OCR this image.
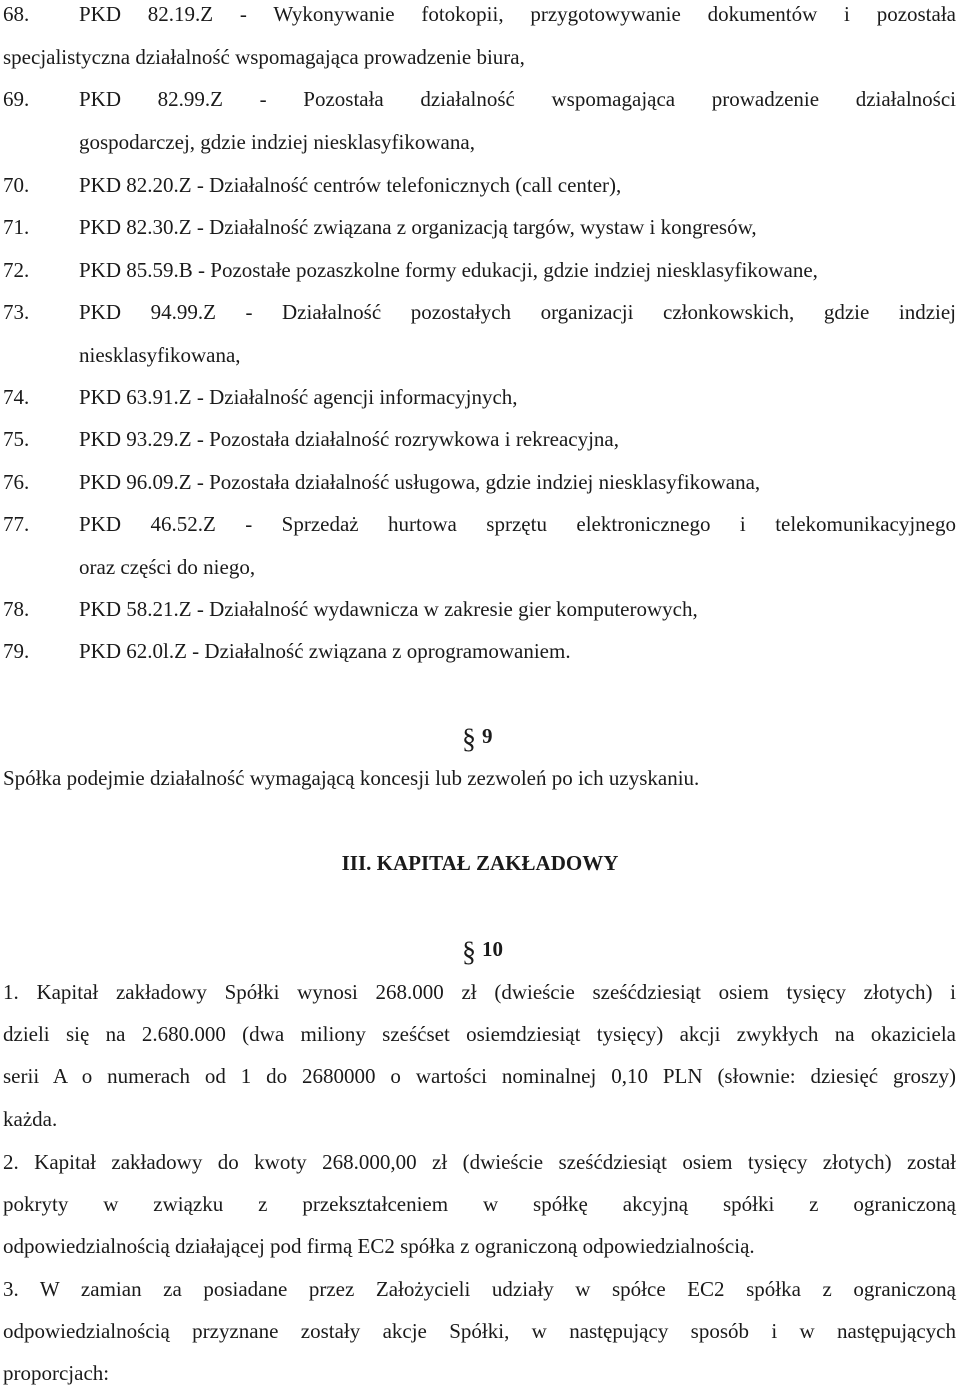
68.	PKD 82.19.Z - Wykonywanie fotokopii, przygotowywanie dokumentów i pozostała
specjalistyczna działalność wspomagająca prowadzenie biura,
69.	PKD 82.99.Z - Pozostała działalność wspomagająca prowadzenie działalności
gospodarczej, gdzie indziej niesklasyfikowana,
70.	PKD 82.20.Z - Działalność centrów telefonicznych (call center),
71.	PKD 82.30.Z - Działalność związana z organizacją targów, wystaw i kongresów,
72.	PKD 85.59.B - Pozostałe pozaszkolne formy edukacji, gdzie indziej niesklasyfikowane,
73.	PKD 94.99.Z - Działalność pozostałych organizacji członkowskich, gdzie indziej
niesklasyfikowana,
74.	PKD 63.91.Z - Działalność agencji informacyjnych,
75.	PKD 93.29.Z - Pozostała działalność rozrywkowa i rekreacyjna,
76.	PKD 96.09.Z - Pozostała działalność usługowa, gdzie indziej niesklasyfikowana,
77.	PKD 46.52.Z - Sprzedaż hurtowa sprzętu elektronicznego i telekomunikacyjnego
oraz części do niego,
78.	PKD 58.21.Z - Działalność wydawnicza w zakresie gier komputerowych,
79.	PKD 62.0l.Z - Działalność związana z oprogramowaniem.
§ 9
Spółka podejmie działalność wymagającą koncesji lub zezwoleń po ich uzyskaniu.
III. KAPITAŁ ZAKŁADOWY
§ 10
1. Kapitał zakładowy Spółki wynosi 268.000 zł (dwieście sześćdziesiąt osiem tysięcy złotych) i
dzieli się na 2.680.000 (dwa miliony sześćset osiemdziesiąt tysięcy) akcji zwykłych na okaziciela
serii A o numerach od 1 do 2680000 o wartości nominalnej 0,10 PLN (słownie: dziesięć groszy)
każda.
2. Kapitał zakładowy do kwoty 268.000,00 zł (dwieście sześćdziesiąt osiem tysięcy złotych) został
pokryty w związku z przekształceniem w spółkę akcyjną spółki z ograniczoną
odpowiedzialnością działającej pod firmą EC2 spółka z ograniczoną odpowiedzialnością.
3. W zamian za posiadane przez Założycieli udziały w spółce EC2 spółka z ograniczoną
odpowiedzialnością przyznane zostały akcje Spółki, w następujący sposób i w następujących
proporcjach:
